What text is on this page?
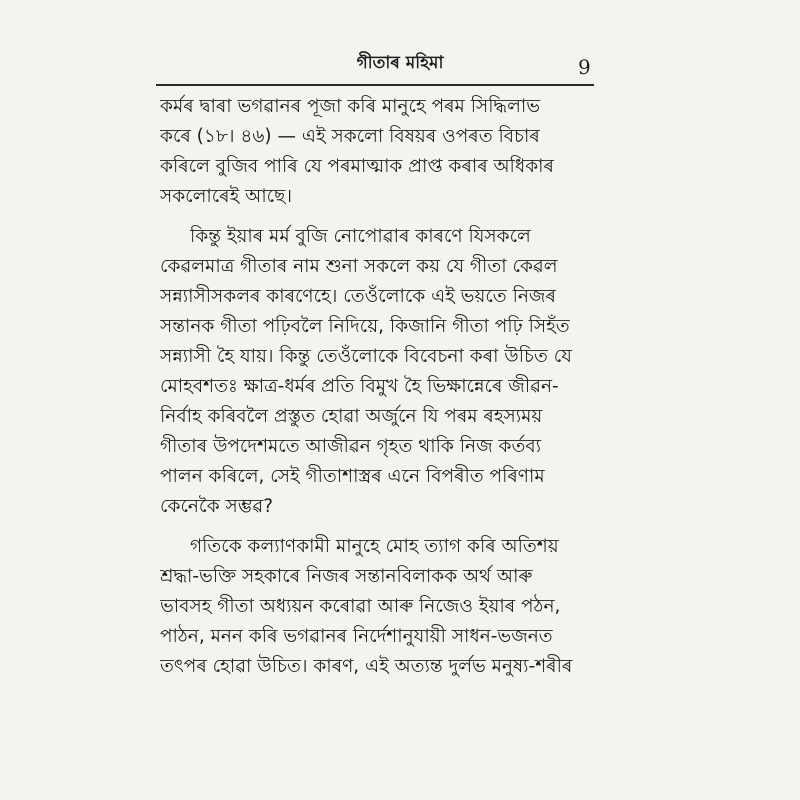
গীতাৰ মহিমা	9
কৰ্মৰ দ্বাৰা ভগৱানৰ পূজা কৰি মানুহে পৰম সিদ্ধিলাভ
কৰে (১৮। ৪৬) — এই সকলো বিষয়ৰ ওপৰত বিচাৰ
কৰিলে বুজিব পাৰি যে পৰমাত্মাক প্ৰাপ্ত কৰাৰ অধিকাৰ
সকলোৰেই আছে।
কিন্তু ইয়াৰ মৰ্ম বুজি নোপোৱাৰ কাৰণে যিসকলে
কেৱলমাত্ৰ গীতাৰ নাম শুনা সকলে কয় যে গীতা কেৱল
সন্ন্যাসীসকলৰ কাৰণেহে। তেওঁলোকে এই ভয়তে নিজৰ
সন্তানক গীতা পঢ়িবলৈ নিদিয়ে, কিজানি গীতা পঢ়ি সিহঁত
সন্ন্যাসী হৈ যায়। কিন্তু তেওঁলোকে বিবেচনা কৰা উচিত যে
মোহবশতঃ ক্ষাত্ৰ-ধৰ্মৰ প্ৰতি বিমুখ হৈ ভিক্ষান্নেৰে জীৱন-
নিৰ্বাহ কৰিবলৈ প্ৰস্তুত হোৱা অৰ্জুনে যি পৰম ৰহস্যময়
গীতাৰ উপদেশমতে আজীৱন গৃহত থাকি নিজ কৰ্তব্য
পালন কৰিলে, সেই গীতাশাস্ত্ৰৰ এনে বিপৰীত পৰিণাম
কেনেকৈ সম্ভৱ?
গতিকে কল্যাণকামী মানুহে মোহ ত্যাগ কৰি অতিশয়
শ্ৰদ্ধা-ভক্তি সহকাৰে নিজৰ সন্তানবিলাকক অৰ্থ আৰু
ভাবসহ গীতা অধ্যয়ন কৰোৱা আৰু নিজেও ইয়াৰ পঠন,
পাঠন, মনন কৰি ভগৱানৰ নিৰ্দেশানুযায়ী সাধন-ভজনত
তৎপৰ হোৱা উচিত। কাৰণ, এই অত্যন্ত দুৰ্লভ মনুষ্য-শৰীৰ
